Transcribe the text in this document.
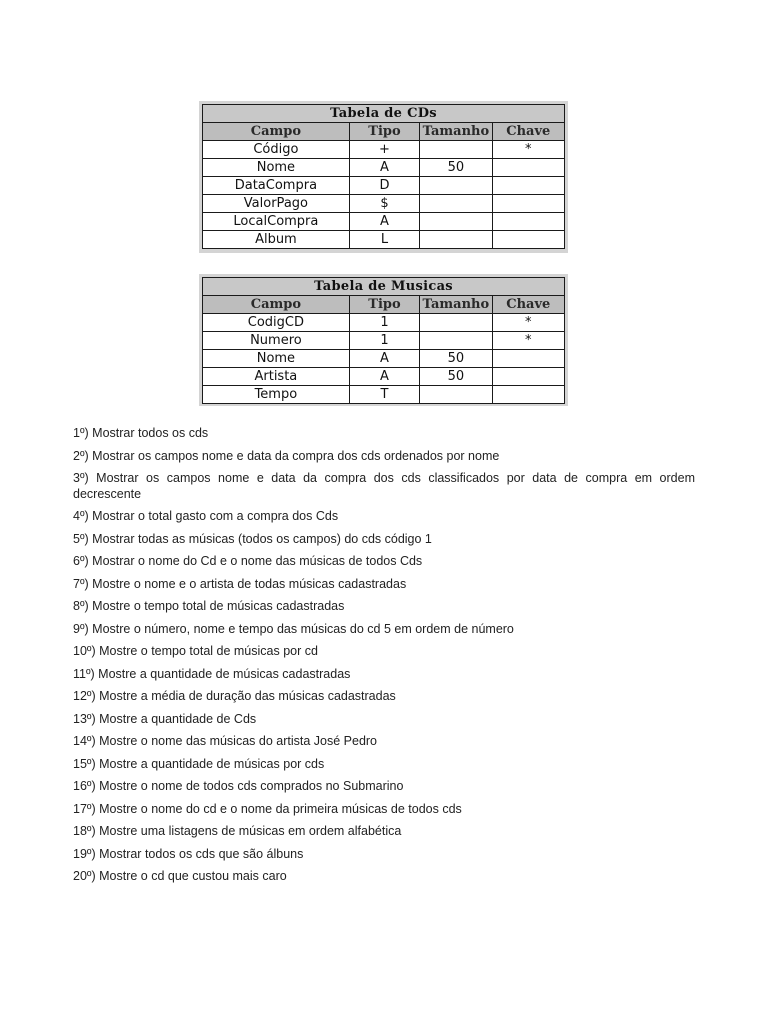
Tabela de CDs			
Campo	Tipo	Tamanho	Chave
Código	+		*
Nome	A	50	
DataCompra	D		
ValorPago	$		
LocalCompra	A		
Album	L		
Tabela de Musicas			
Campo	Tipo	Tamanho	Chave
CodigCD	1		*
Numero	1		*
Nome	A	50	
Artista	A	50	
Tempo	T		

1º) Mostrar todos os cds

2º) Mostrar os campos nome e data da compra dos cds ordenados por nome

3º) Mostrar os campos nome e data da compra dos cds classificados por data de compra em ordem decrescente

4º) Mostrar o total gasto com a compra dos Cds

5º) Mostrar todas as músicas (todos os campos) do cds código 1

6º) Mostrar o nome do Cd e o nome das músicas de todos Cds

7º) Mostre o nome e o artista de todas músicas cadastradas

8º) Mostre o tempo total de músicas cadastradas

9º) Mostre o número, nome e tempo das músicas do cd 5 em ordem de número

10º) Mostre o tempo total de músicas por cd

11º) Mostre a quantidade de músicas cadastradas

12º) Mostre a média de duração das músicas cadastradas

13º) Mostre a quantidade de Cds

14º) Mostre o nome das músicas do artista José Pedro

15º) Mostre a quantidade de músicas por cds

16º) Mostre o nome de todos cds comprados no Submarino

17º) Mostre o nome do cd e o nome da primeira músicas de todos cds

18º) Mostre uma listagens de músicas em ordem alfabética

19º) Mostrar todos os cds que são álbuns

20º) Mostre o cd que custou mais caro
